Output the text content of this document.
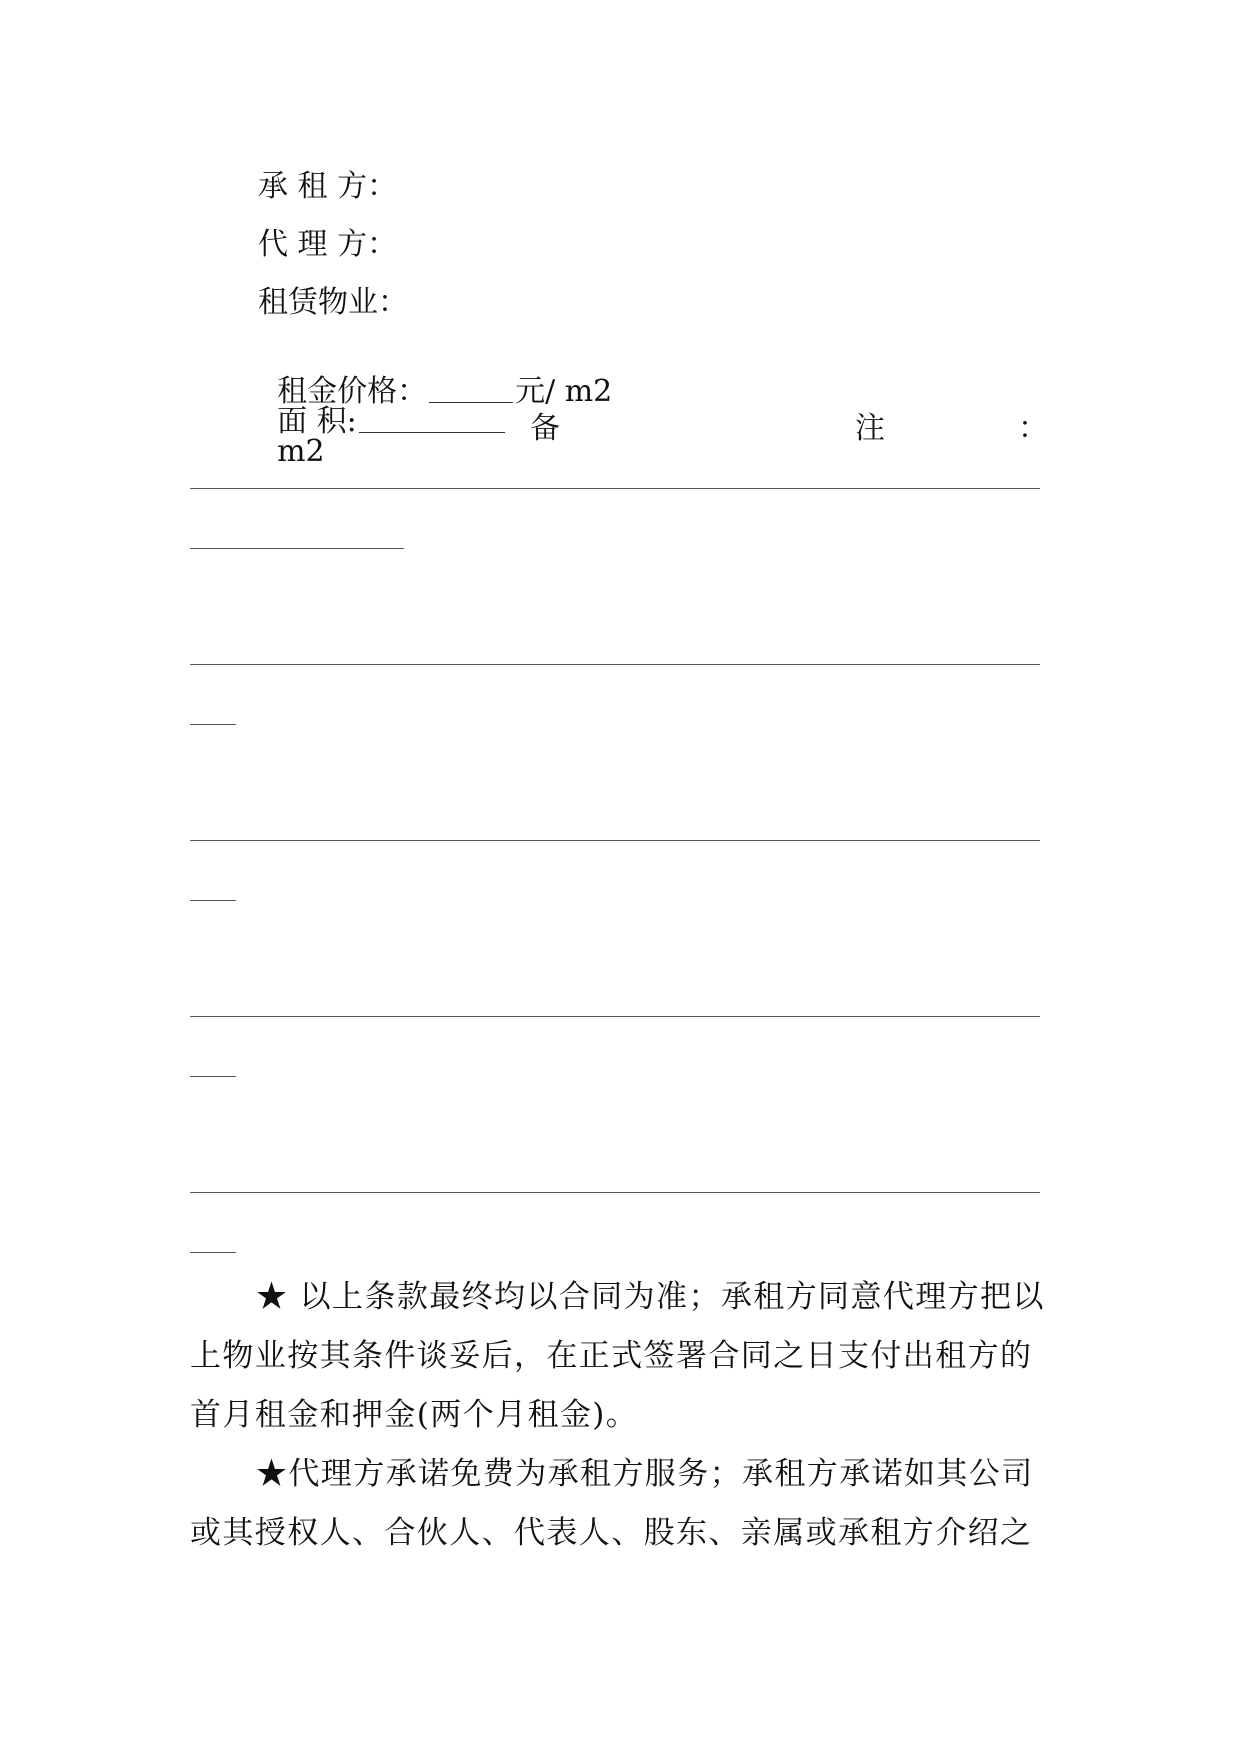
承 租 方：
代 理 方：
租赁物业：

租金价格：	元/ m2
面 积:
m2

备	注	：

★ 以上条款最终均以合同为准；承租方同意代理方把以上物业按其条件谈妥后，在正式签署合同之日支付出租方的首月租金和押金(两个月租金)。

★代理方承诺免费为承租方服务；承租方承诺如其公司或其授权人、合伙人、代表人、股东、亲属或承租方介绍之
